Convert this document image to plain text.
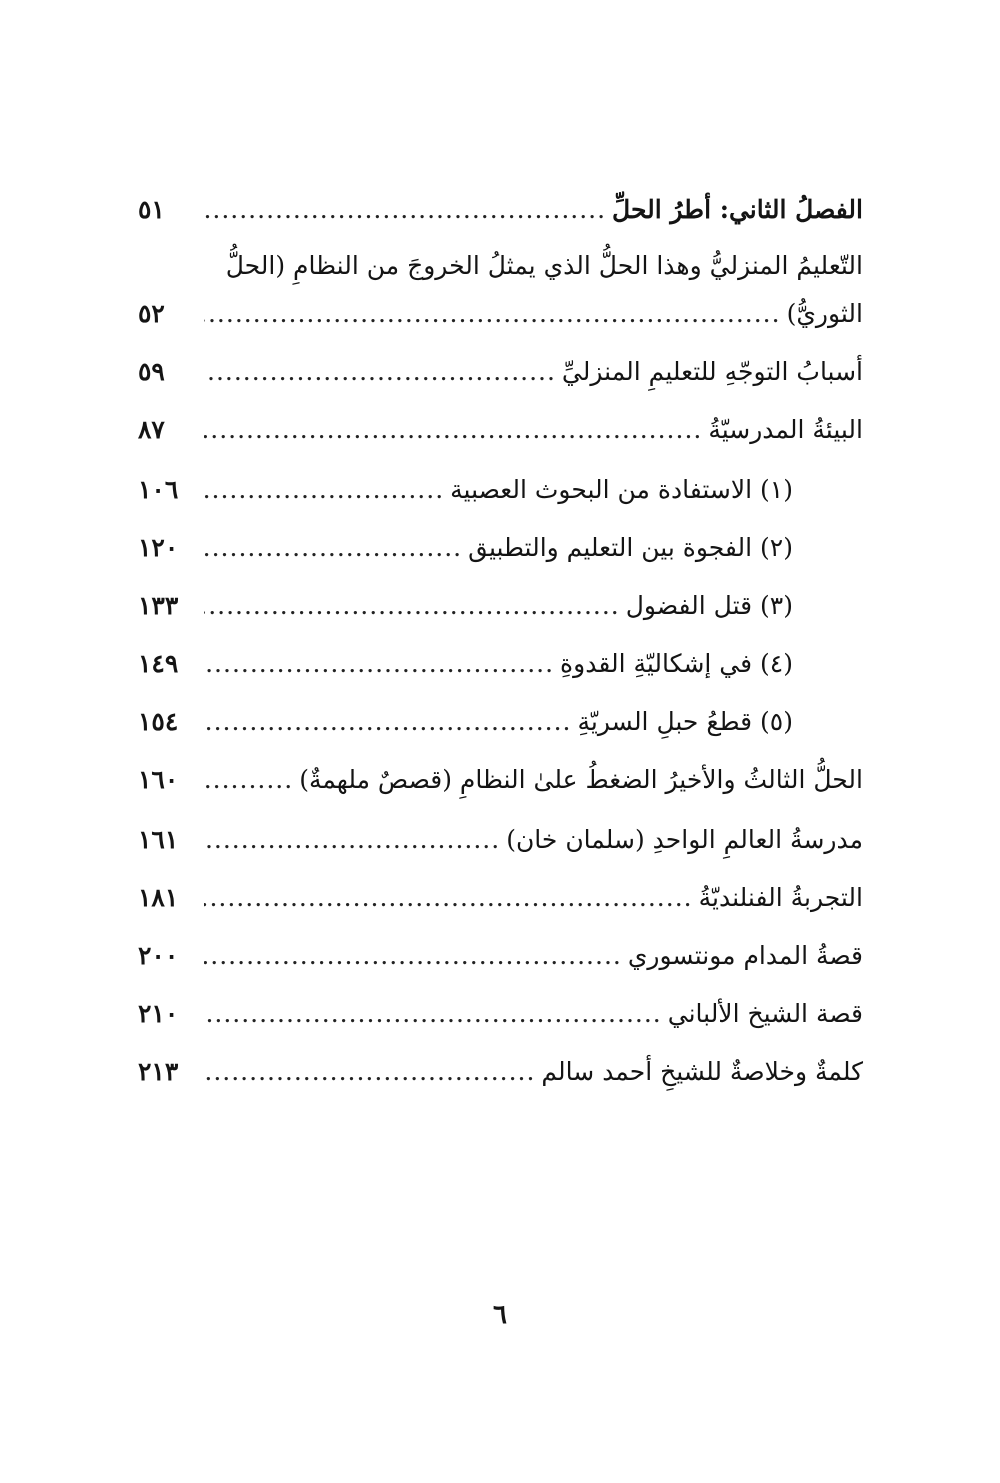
الفصلُ الثاني: أطرُ الحلِّ
.....
٥١
التّعليمُ المنزليُّ وهذا الحلُّ الذي يمثلُ الخروجَ من النظامِ (الحلُّ
الثوريُّ)
.....
٥٢
أسبابُ التوجّهِ للتعليمِ المنزليِّ
.....
٥٩
البيئةُ المدرسيّةُ
.....
٨٧
(١) الاستفادة من البحوث العصبية
.....
١٠٦
(٢) الفجوة بين التعليم والتطبيق
.....
١٢٠
(٣) قتل الفضول
.....
١٣٣
(٤) في إشكاليّةِ القدوةِ
.....
١٤٩
(٥) قطعُ حبلِ السريّةِ
.....
١٥٤
الحلُّ الثالثُ والأخيرُ الضغطُ علىٰ النظامِ (قصصٌ ملهمةٌ)
.....
١٦٠
مدرسةُ العالمِ الواحدِ (سلمان خان)
.....
١٦١
التجربةُ الفنلنديّةُ
.....
١٨١
قصةُ المدام مونتسوري
.....
٢٠٠
قصة الشيخ الألباني
.....
٢١٠
كلمةٌ وخلاصةٌ للشيخِ أحمد سالم
.....
٢١٣
٦
